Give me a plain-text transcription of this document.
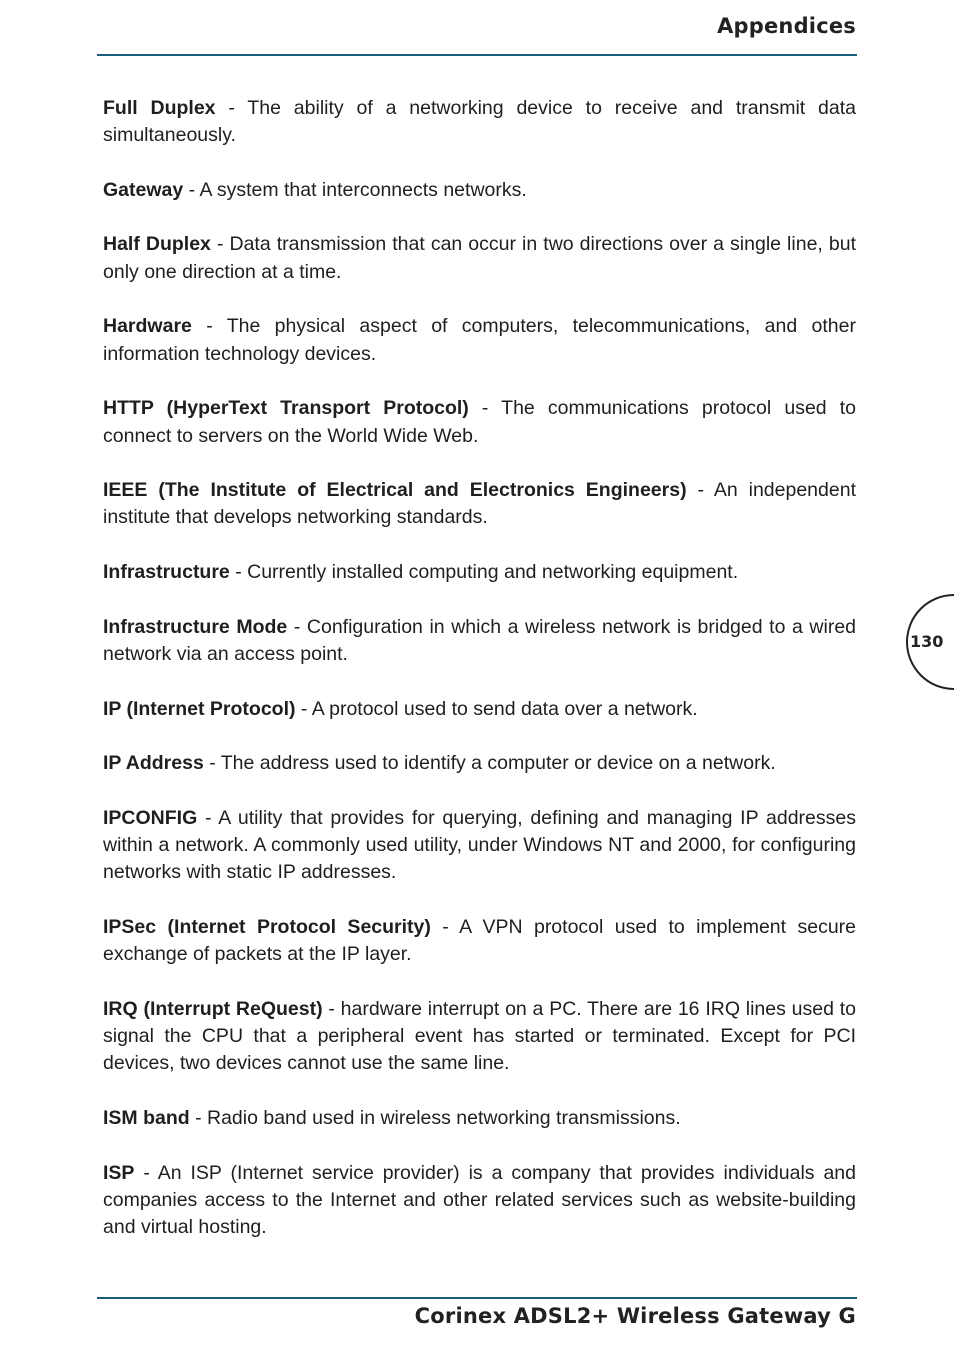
Appendices

Full Duplex - The ability of a networking device to receive and transmit data simultaneously.

Gateway - A system that interconnects networks.

Half Duplex - Data transmission that can occur in two directions over a single line, but only one direction at a time.

Hardware - The physical aspect of computers, telecommunications, and other information technology devices.

HTTP (HyperText Transport Protocol) - The communications protocol used to connect to servers on the World Wide Web.

IEEE (The Institute of Electrical and Electronics Engineers) - An independent institute that develops networking standards.

Infrastructure - Currently installed computing and networking equipment.

Infrastructure Mode - Configuration in which a wireless network is bridged to a wired network via an access point.

IP (Internet Protocol) - A protocol used to send data over a network.

IP Address - The address used to identify a computer or device on a network.

IPCONFIG - A utility that provides for querying, defining and managing IP addresses within a network. A commonly used utility, under Windows NT and 2000, for configuring networks with static IP addresses.

IPSec (Internet Protocol Security) - A VPN protocol used to implement secure exchange of packets at the IP layer.

IRQ (Interrupt ReQuest) - hardware interrupt on a PC. There are 16 IRQ lines used to signal the CPU that a peripheral event has started or terminated. Except for PCI devices, two devices cannot use the same line.

ISM band - Radio band used in wireless networking transmissions.

ISP - An ISP (Internet service provider) is a company that provides individuals and companies access to the Internet and other related services such as website-building and virtual hosting.

130
Corinex ADSL2+ Wireless Gateway G
